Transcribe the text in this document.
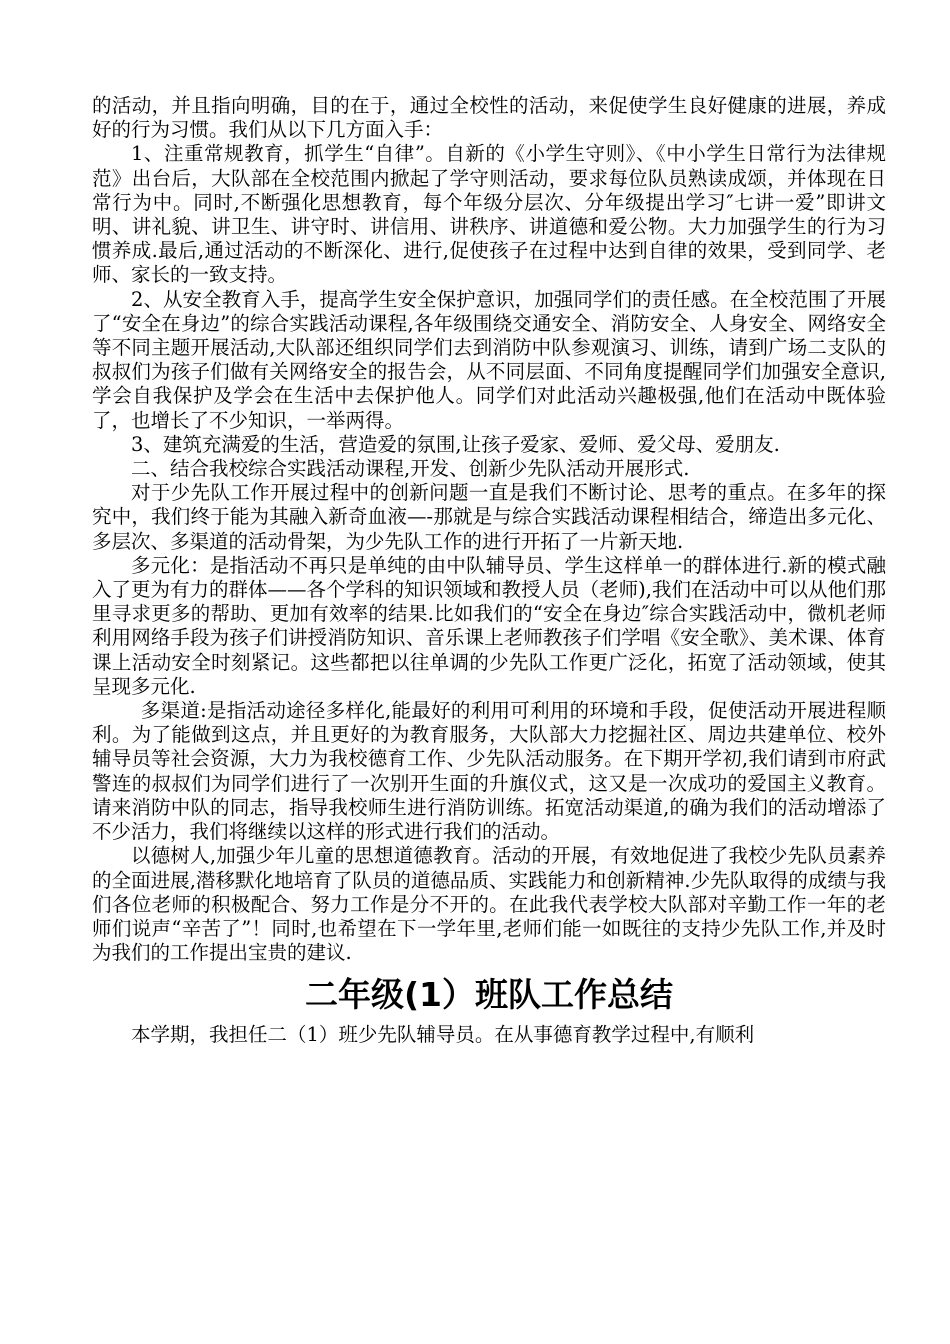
的活动，并且指向明确，目的在于，通过全校性的活动，来促使学生良好健康的进展，养成好的行为习惯。我们从以下几方面入手：

1、注重常规教育，抓学生“自律”。自新的《小学生守则》、《中小学生日常行为法律规范》出台后，大队部在全校范围内掀起了学守则活动，要求每位队员熟读成颂，并体现在日常行为中。同时,不断强化思想教育，每个年级分层次、分年级提出学习″七讲一爱”即讲文明、讲礼貌、讲卫生、讲守时、讲信用、讲秩序、讲道德和爱公物。大力加强学生的行为习惯养成.最后,通过活动的不断深化、进行,促使孩子在过程中达到自律的效果，受到同学、老师、家长的一致支持。

2、从安全教育入手，提高学生安全保护意识，加强同学们的责任感。在全校范围了开展了“安全在身边”的综合实践活动课程,各年级围绕交通安全、消防安全、人身安全、网络安全等不同主题开展活动,大队部还组织同学们去到消防中队参观演习、训练，请到广场二支队的叔叔们为孩子们做有关网络安全的报告会，从不同层面、不同角度提醒同学们加强安全意识,学会自我保护及学会在生活中去保护他人。同学们对此活动兴趣极强,他们在活动中既体验了，也增长了不少知识，一举两得。

3、建筑充满爱的生活，营造爱的氛围,让孩子爱家、爱师、爱父母、爱朋友.

二、结合我校综合实践活动课程,开发、创新少先队活动开展形式.

对于少先队工作开展过程中的创新问题一直是我们不断讨论、思考的重点。在多年的探究中，我们终于能为其融入新奇血液—-那就是与综合实践活动课程相结合，缔造出多元化、多层次、多渠道的活动骨架，为少先队工作的进行开拓了一片新天地.

多元化：是指活动不再只是单纯的由中队辅导员、学生这样单一的群体进行.新的模式融入了更为有力的群体——各个学科的知识领域和教授人员（老师),我们在活动中可以从他们那里寻求更多的帮助、更加有效率的结果.比如我们的“安全在身边″综合实践活动中，微机老师利用网络手段为孩子们讲授消防知识、音乐课上老师教孩子们学唱《安全歌》、美术课、体育课上活动安全时刻紧记。这些都把以往单调的少先队工作更广泛化，拓宽了活动领域，使其呈现多元化.

多渠道:是指活动途径多样化,能最好的利用可利用的环境和手段，促使活动开展进程顺利。为了能做到这点，并且更好的为教育服务，大队部大力挖掘社区、周边共建单位、校外辅导员等社会资源，大力为我校德育工作、少先队活动服务。在下期开学初,我们请到市府武警连的叔叔们为同学们进行了一次别开生面的升旗仪式，这又是一次成功的爱国主义教育。请来消防中队的同志，指导我校师生进行消防训练。拓宽活动渠道,的确为我们的活动增添了不少活力，我们将继续以这样的形式进行我们的活动。

以德树人,加强少年儿童的思想道德教育。活动的开展，有效地促进了我校少先队员素养的全面进展,潜移默化地培育了队员的道德品质、实践能力和创新精神.少先队取得的成绩与我们各位老师的积极配合、努力工作是分不开的。在此我代表学校大队部对辛勤工作一年的老师们说声“辛苦了”！同时,也希望在下一学年里,老师们能一如既往的支持少先队工作,并及时为我们的工作提出宝贵的建议.

二年级(1）班队工作总结

本学期，我担任二（1）班少先队辅导员。在从事德育教学过程中,有顺利
